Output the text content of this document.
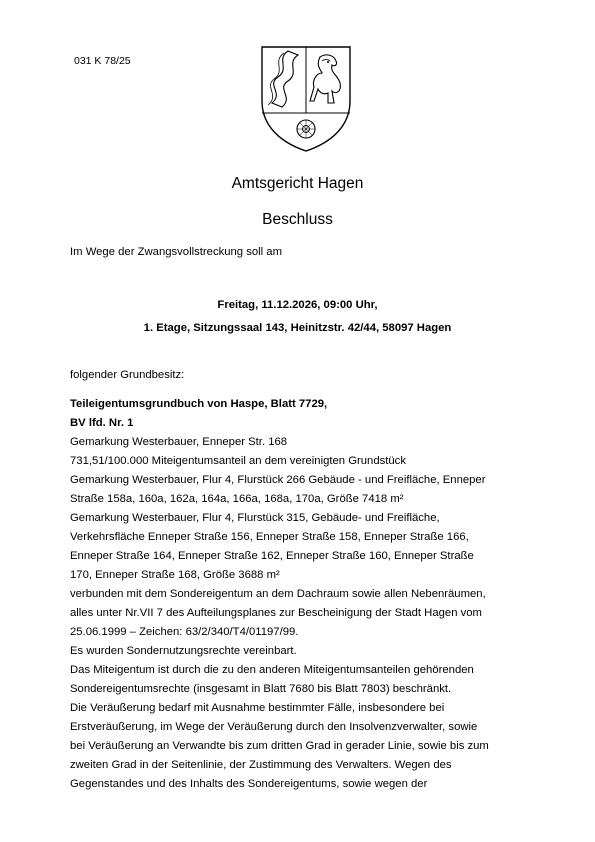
031 K 78/25
Amtsgericht Hagen
Beschluss
Im Wege der Zwangsvollstreckung soll am
Freitag, 11.12.2026, 09:00 Uhr,
1. Etage, Sitzungssaal 143, Heinitzstr. 42/44, 58097 Hagen
folgender Grundbesitz:
Teileigentumsgrundbuch von Haspe, Blatt 7729,
BV lfd. Nr. 1
Gemarkung Westerbauer, Enneper Str. 168
731,51/100.000 Miteigentumsanteil an dem vereinigten Grundstück
Gemarkung Westerbauer, Flur 4, Flurstück 266 Gebäude - und Freifläche, Enneper
Straße 158a, 160a, 162a, 164a, 166a, 168a, 170a, Größe 7418 m²
Gemarkung Westerbauer, Flur 4, Flurstück 315, Gebäude- und Freifläche,
Verkehrsfläche Enneper Straße 156, Enneper Straße 158, Enneper Straße 166,
Enneper Straße 164, Enneper Straße 162, Enneper Straße 160, Enneper Straße
170, Enneper Straße 168, Größe 3688 m²
verbunden mit dem Sondereigentum an dem Dachraum sowie allen Nebenräumen,
alles unter Nr.VII 7 des Aufteilungsplanes zur Bescheinigung der Stadt Hagen vom
25.06.1999 – Zeichen: 63/2/340/T4/01197/99.
Es wurden Sondernutzungsrechte vereinbart.
Das Miteigentum ist durch die zu den anderen Miteigentumsanteilen gehörenden
Sondereigentumsrechte (insgesamt in Blatt 7680 bis Blatt 7803) beschränkt.
Die Veräußerung bedarf mit Ausnahme bestimmter Fälle, insbesondere bei
Erstveräußerung, im Wege der Veräußerung durch den Insolvenzverwalter, sowie
bei Veräußerung an Verwandte bis zum dritten Grad in gerader Linie, sowie bis zum
zweiten Grad in der Seitenlinie, der Zustimmung des Verwalters. Wegen des
Gegenstandes und des Inhalts des Sondereigentums, sowie wegen der
